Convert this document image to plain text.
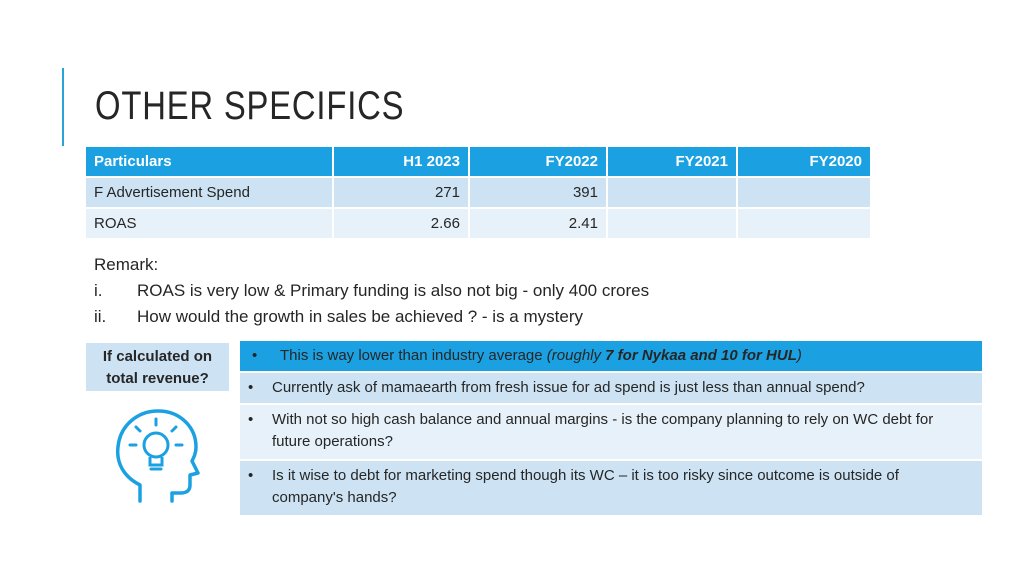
OTHER SPECIFICS
Particulars	H1 2023	FY2022	FY2021	FY2020
F Advertisement Spend	271	391		
ROAS	2.66	2.41		
Remark:
i.	ROAS is very low & Primary funding is also not big - only 400 crores
ii.	How would the growth in sales be achieved ? - is a mystery
If calculated on
total revenue?
•	This is way lower than industry average (roughly 7 for Nykaa and 10 for HUL)
•	Currently ask of mamaearth from fresh issue for ad spend is just less than annual spend?
•	With not so high cash balance and annual margins - is the company planning to rely on WC debt for future operations?
•	Is it wise to debt for marketing spend though its WC – it is too risky since outcome is outside of company's hands?
